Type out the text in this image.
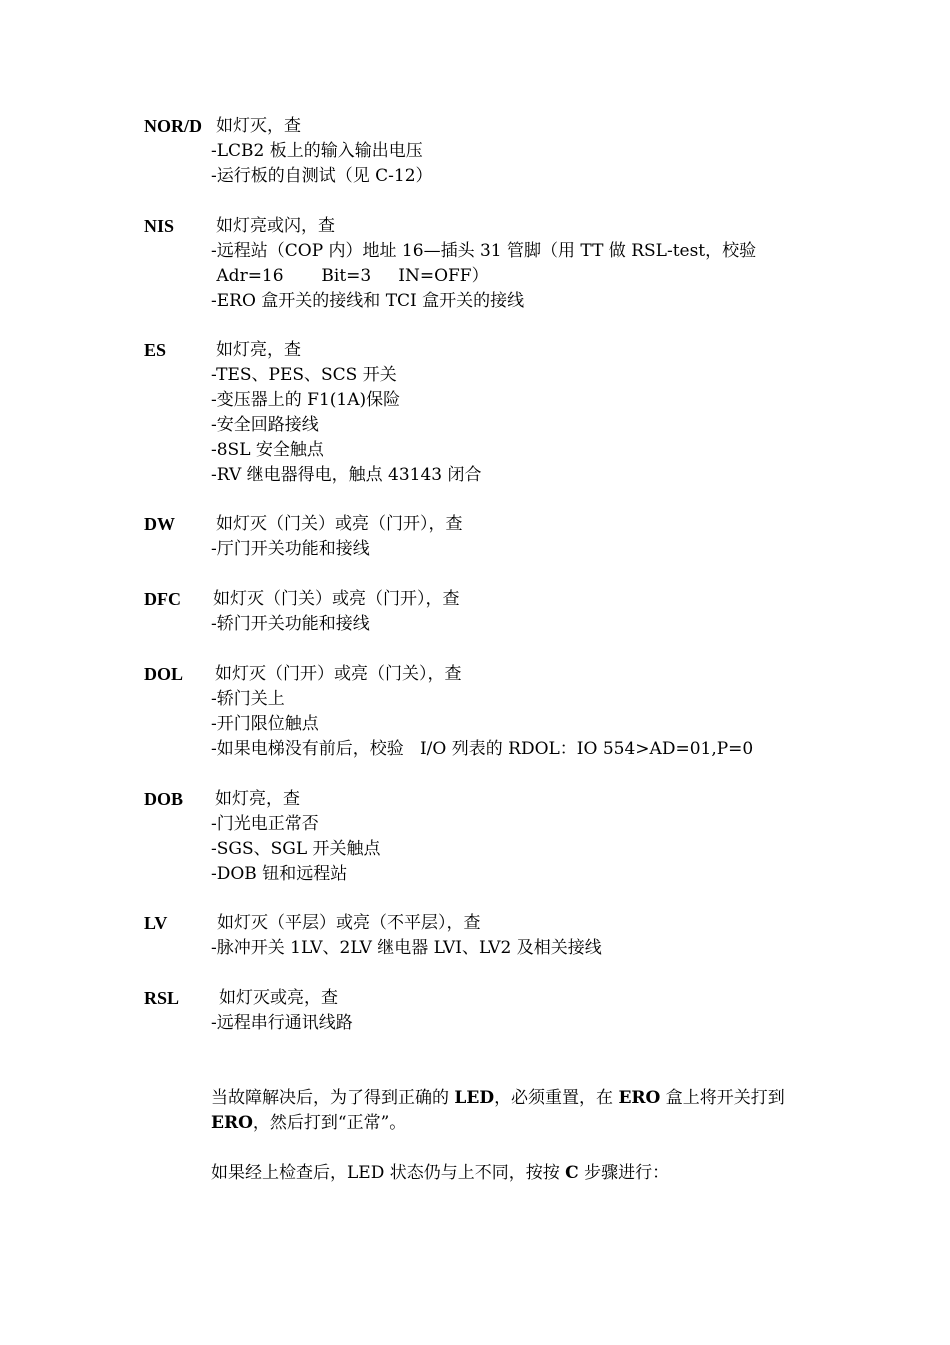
NOR/D 如灯灭，查
-LCB2 板上的输入输出电压
-运行板的自测试（见 C-12）
NIS 如灯亮或闪，查
-远程站（COP 内）地址 16—插头 31 管脚（用 TT 做 RSL-test，校验
Adr=16       Bit=3     IN=OFF）
-ERO 盒开关的接线和 TCI 盒开关的接线
ES	如灯亮，查
-TES、PES、SCS 开关
-变压器上的 F1(1A)保险
-安全回路接线
-8SL 安全触点
-RV 继电器得电，触点 43143 闭合
DW 如灯灭（门关）或亮（门开），查
-厅门开关功能和接线
DFC 如灯灭（门关）或亮（门开），查
-轿门开关功能和接线
DOL 如灯灭（门开）或亮（门关），查
-轿门关上
-开门限位触点
-如果电梯没有前后，校验   I/O 列表的 RDOL：IO 554>AD=01,P=0
DOB 如灯亮，查
-门光电正常否
-SGS、SGL 开关触点
-DOB 钮和远程站
LV	如灯灭（平层）或亮（不平层），查
-脉冲开关 1LV、2LV 继电器 LVI、LV2 及相关接线
RSL 如灯灭或亮，查
-远程串行通讯线路
当故障解决后，为了得到正确的 LED，必须重置，在 ERO 盒上将开关打到 ERO，然后打到“正常”。
如果经上检查后，LED 状态仍与上不同，按按 C 步骤进行：
